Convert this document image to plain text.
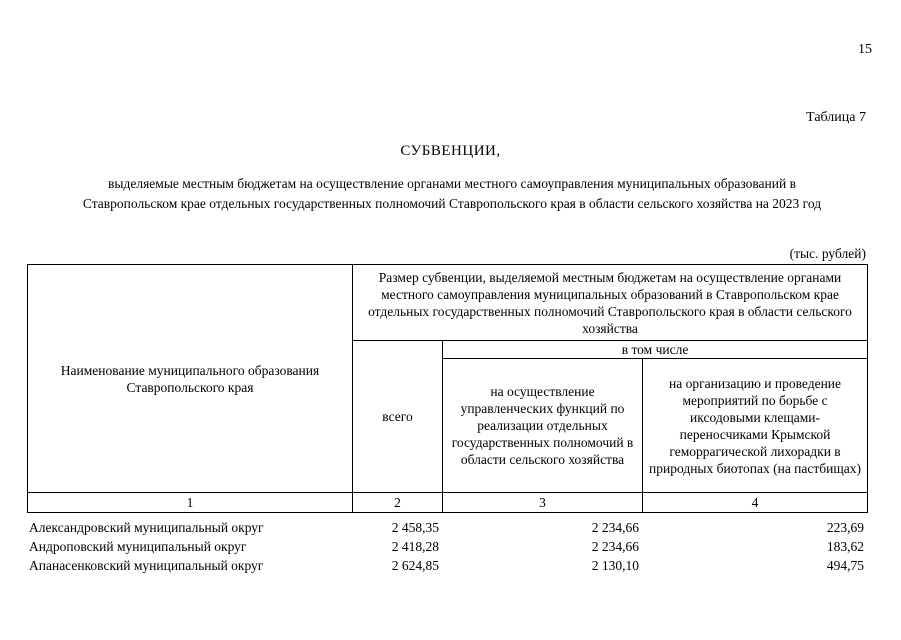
15
Таблица 7
СУБВЕНЦИИ,
выделяемые местным бюджетам на осуществление органами местного самоуправления муниципальных образований в
Ставропольском крае отдельных государственных полномочий Ставропольского края в области сельского хозяйства на 2023 год
(тыс. рублей)
Наименование муниципального образования Ставропольского края	Размер субвенции, выделяемой местным бюджетам на осуществление органами местного самоуправления муниципальных образований в Ставропольском крае отдельных государственных полномочий Ставропольского края в области сельского хозяйства		
	всего	в том числе	
		на осуществление управленческих функций по реализации отдельных государственных полномочий в области сельского хозяйства	на организацию и проведение мероприятий по борьбе с иксодовыми клещами-переносчиками Крымской геморрагической лихорадки в природных биотопах (на пастбищах)
1	2	3	4
Александровский муниципальный округ	2 458,35	2 234,66	223,69
Андроповский муниципальный округ	2 418,28	2 234,66	183,62
Апанасенковский муниципальный округ	2 624,85	2 130,10	494,75
